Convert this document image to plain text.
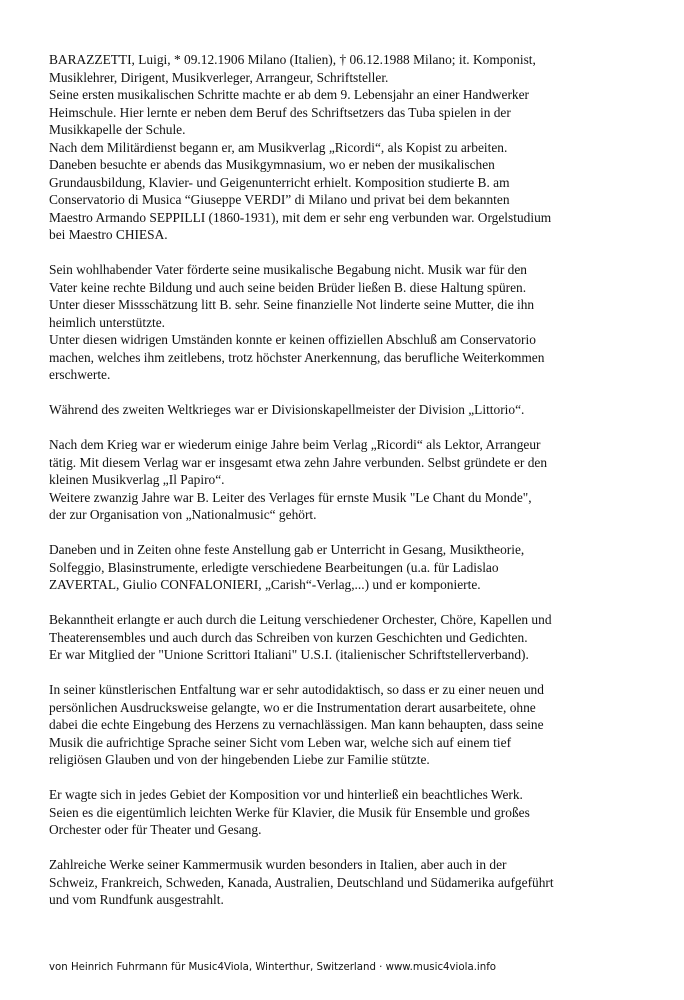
BARAZZETTI, Luigi, * 09.12.1906 Milano (Italien), † 06.12.1988 Milano; it. Komponist,
Musiklehrer, Dirigent, Musikverleger, Arrangeur, Schriftsteller.
Seine ersten musikalischen Schritte machte er ab dem 9. Lebensjahr an einer Handwerker
Heimschule. Hier lernte er neben dem Beruf des Schriftsetzers das Tuba spielen in der
Musikkapelle der Schule.
Nach dem Militärdienst begann er, am Musikverlag „Ricordi“, als Kopist zu arbeiten.
Daneben besuchte er abends das Musikgymnasium, wo er neben der musikalischen
Grundausbildung, Klavier- und Geigenunterricht erhielt. Komposition studierte B. am
Conservatorio di Musica “Giuseppe VERDI” di Milano und privat bei dem bekannten
Maestro Armando SEPPILLI (1860-1931), mit dem er sehr eng verbunden war. Orgelstudium
bei Maestro CHIESA.

Sein wohlhabender Vater förderte seine musikalische Begabung nicht. Musik war für den
Vater keine rechte Bildung und auch seine beiden Brüder ließen B. diese Haltung spüren.
Unter dieser Missschätzung litt B. sehr. Seine finanzielle Not linderte seine Mutter, die ihn
heimlich unterstützte.
Unter diesen widrigen Umständen konnte er keinen offiziellen Abschluß am Conservatorio
machen, welches ihm zeitlebens, trotz höchster Anerkennung, das berufliche Weiterkommen
erschwerte.

Während des zweiten Weltkrieges war er Divisionskapellmeister der Division „Littorio“.

Nach dem Krieg war er wiederum einige Jahre beim Verlag „Ricordi“ als Lektor, Arrangeur
tätig. Mit diesem Verlag war er insgesamt etwa zehn Jahre verbunden. Selbst gründete er den
kleinen Musikverlag „Il Papiro“.
Weitere zwanzig Jahre war B. Leiter des Verlages für ernste Musik "Le Chant du Monde",
der zur Organisation von „Nationalmusic“ gehört.

Daneben und in Zeiten ohne feste Anstellung gab er Unterricht in Gesang, Musiktheorie,
Solfeggio, Blasinstrumente, erledigte verschiedene Bearbeitungen (u.a. für Ladislao
ZAVERTAL, Giulio CONFALONIERI, „Carish“-Verlag,...) und er komponierte.

Bekanntheit erlangte er auch durch die Leitung verschiedener Orchester, Chöre, Kapellen und
Theaterensembles und auch durch das Schreiben von kurzen Geschichten und Gedichten.
Er war Mitglied der "Unione Scrittori Italiani" U.S.I. (italienischer Schriftstellerverband).

In seiner künstlerischen Entfaltung war er sehr autodidaktisch, so dass er zu einer neuen und
persönlichen Ausdrucksweise gelangte, wo er die Instrumentation derart ausarbeitete, ohne
dabei die echte Eingebung des Herzens zu vernachlässigen. Man kann behaupten, dass seine
Musik die aufrichtige Sprache seiner Sicht vom Leben war, welche sich auf einem tief
religiösen Glauben und von der hingebenden Liebe zur Familie stützte.

Er wagte sich in jedes Gebiet der Komposition vor und hinterließ ein beachtliches Werk.
Seien es die eigentümlich leichten Werke für Klavier, die Musik für Ensemble und großes
Orchester oder für Theater und Gesang.

Zahlreiche Werke seiner Kammermusik wurden besonders in Italien, aber auch in der
Schweiz, Frankreich, Schweden, Kanada, Australien, Deutschland und Südamerika aufgeführt
und vom Rundfunk ausgestrahlt.

von Heinrich Fuhrmann für Music4Viola, Winterthur, Switzerland · www.music4viola.info
